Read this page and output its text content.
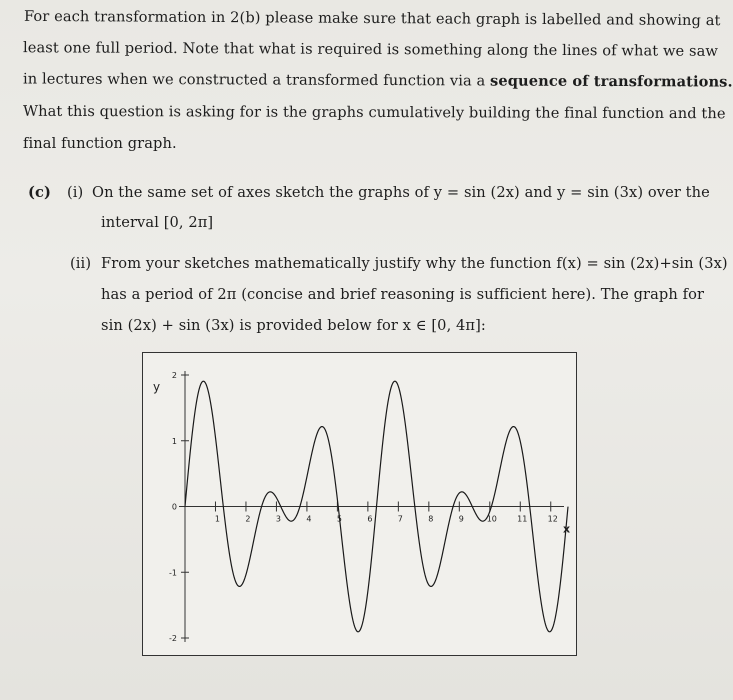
For each transformation in 2(b) please make sure that each graph is labelled and showing at
least one full period. Note that what is required is something along the lines of what we saw
in lectures when we constructed a transformed function via a sequence of transformations.
What this question is asking for is the graphs cumulatively building the final function and the
final function graph.
(c) (i) On the same set of axes sketch the graphs of y = sin (2x) and y = sin (3x) over the
interval [0, 2π]
(ii) From your sketches mathematically justify why the function f(x) = sin (2x)+sin (3x)
has a period of 2π (concise and brief reasoning is sufficient here). The graph for
sin (2x) + sin (3x) is provided below for x ∈ [0, 4π]:
2
1
0
-1
-2
1	2	3	4	5	6	7	8	9	10	11	12
y
x
